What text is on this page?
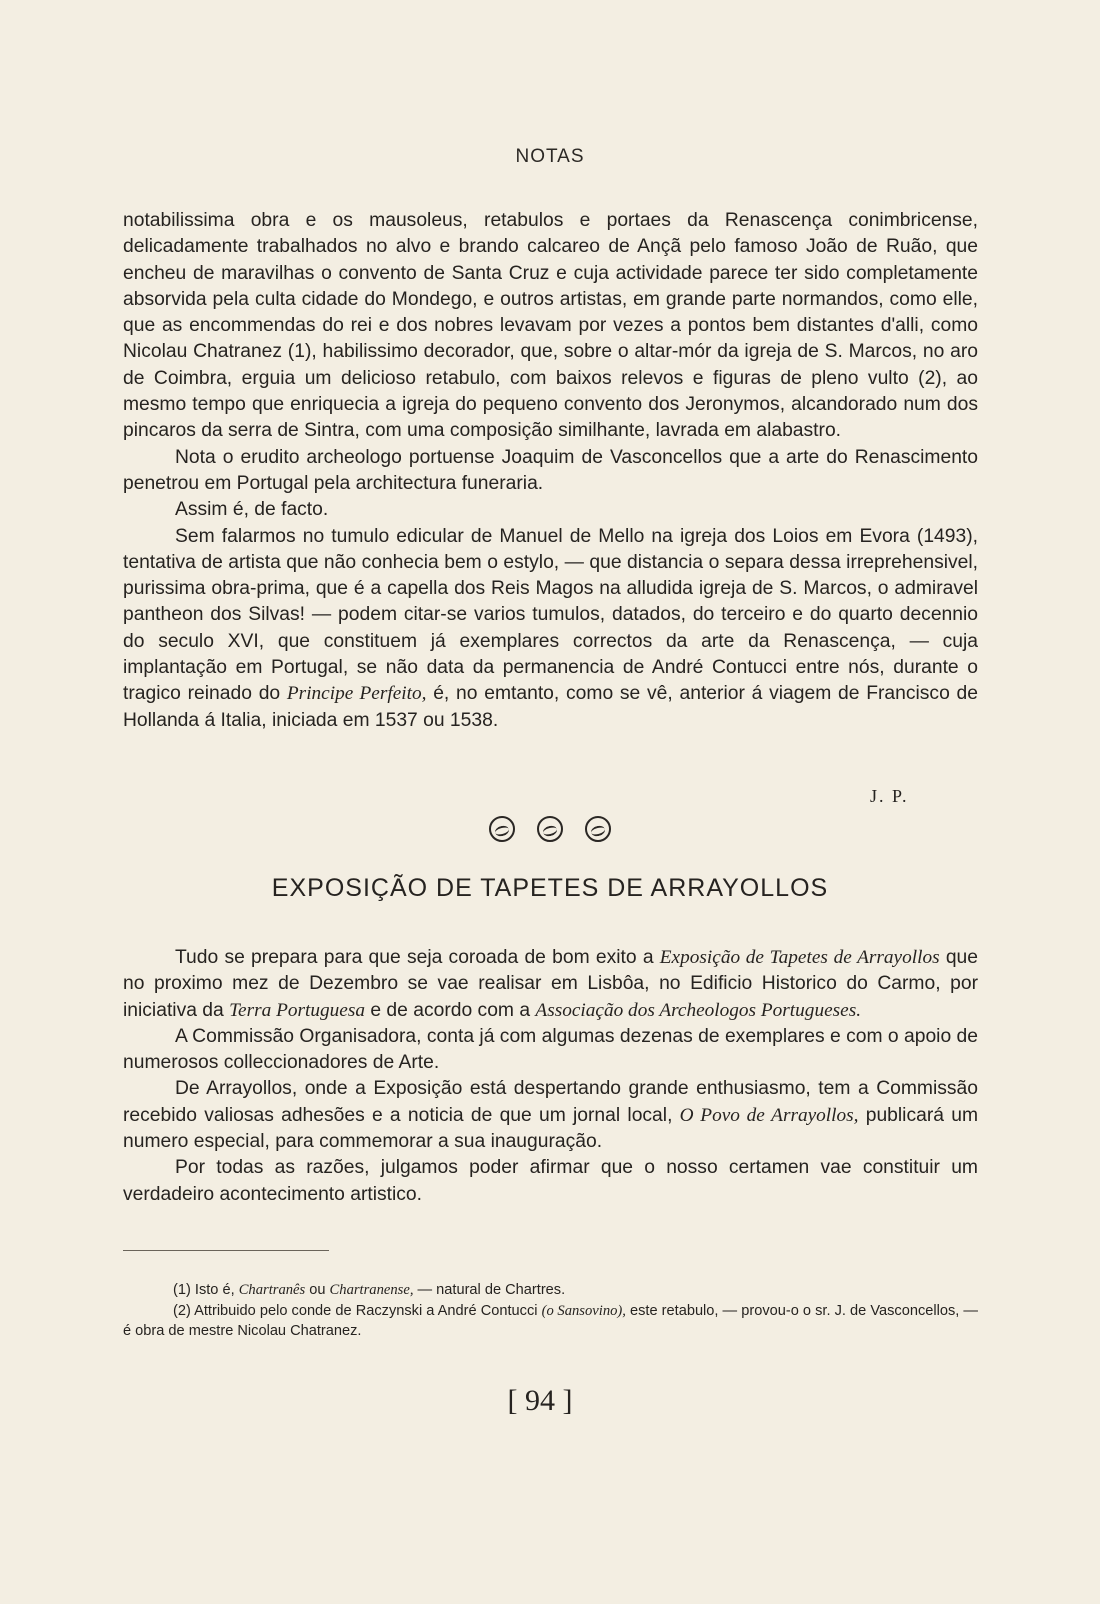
NOTAS

notabilissima obra e os mausoleus, retabulos e portaes da Renascença conimbricense, delicadamente trabalhados no alvo e brando calcareo de Ançã pelo famoso João de Ruão, que encheu de maravilhas o convento de Santa Cruz e cuja actividade parece ter sido completamente absorvida pela culta cidade do Mondego, e outros artistas, em grande parte normandos, como elle, que as encommendas do rei e dos nobres levavam por vezes a pontos bem distantes d'alli, como Nicolau Chatranez (1), habilissimo decorador, que, sobre o altar-mór da igreja de S. Marcos, no aro de Coimbra, erguia um delicioso retabulo, com baixos relevos e figuras de pleno vulto (2), ao mesmo tempo que enriquecia a igreja do pequeno convento dos Jeronymos, alcandorado num dos pincaros da serra de Sintra, com uma composição similhante, lavrada em alabastro.

Nota o erudito archeologo portuense Joaquim de Vasconcellos que a arte do Renascimento penetrou em Portugal pela architectura funeraria.

Assim é, de facto.

Sem falarmos no tumulo edicular de Manuel de Mello na igreja dos Loios em Evora (1493), tentativa de artista que não conhecia bem o estylo, — que distancia o separa dessa irreprehensivel, purissima obra-prima, que é a capella dos Reis Magos na alludida igreja de S. Marcos, o admiravel pantheon dos Silvas! — podem citar-se varios tumulos, datados, do terceiro e do quarto decennio do seculo XVI, que constituem já exemplares correctos da arte da Renascença, — cuja implantação em Portugal, se não data da permanencia de André Contucci entre nós, durante o tragico reinado do Principe Perfeito, é, no emtanto, como se vê, anterior á viagem de Francisco de Hollanda á Italia, iniciada em 1537 ou 1538.

J. P.
EXPOSIÇÃO DE TAPETES DE ARRAYOLLOS

Tudo se prepara para que seja coroada de bom exito a Exposição de Tapetes de Arrayollos que no proximo mez de Dezembro se vae realisar em Lisbôa, no Edificio Historico do Carmo, por iniciativa da Terra Portuguesa e de acordo com a Associação dos Archeologos Portugueses.

A Commissão Organisadora, conta já com algumas dezenas de exemplares e com o apoio de numerosos colleccionadores de Arte.

De Arrayollos, onde a Exposição está despertando grande enthusiasmo, tem a Commissão recebido valiosas adhesões e a noticia de que um jornal local, O Povo de Arrayollos, publicará um numero especial, para commemorar a sua inauguração.

Por todas as razões, julgamos poder afirmar que o nosso certamen vae constituir um verdadeiro acontecimento artistico.

(1) Isto é, Chartranês ou Chartranense, — natural de Chartres.

(2) Attribuido pelo conde de Raczynski a André Contucci (o Sansovino), este retabulo, — provou-o o sr. J. de Vasconcellos, — é obra de mestre Nicolau Chatranez.

[ 94 ]
